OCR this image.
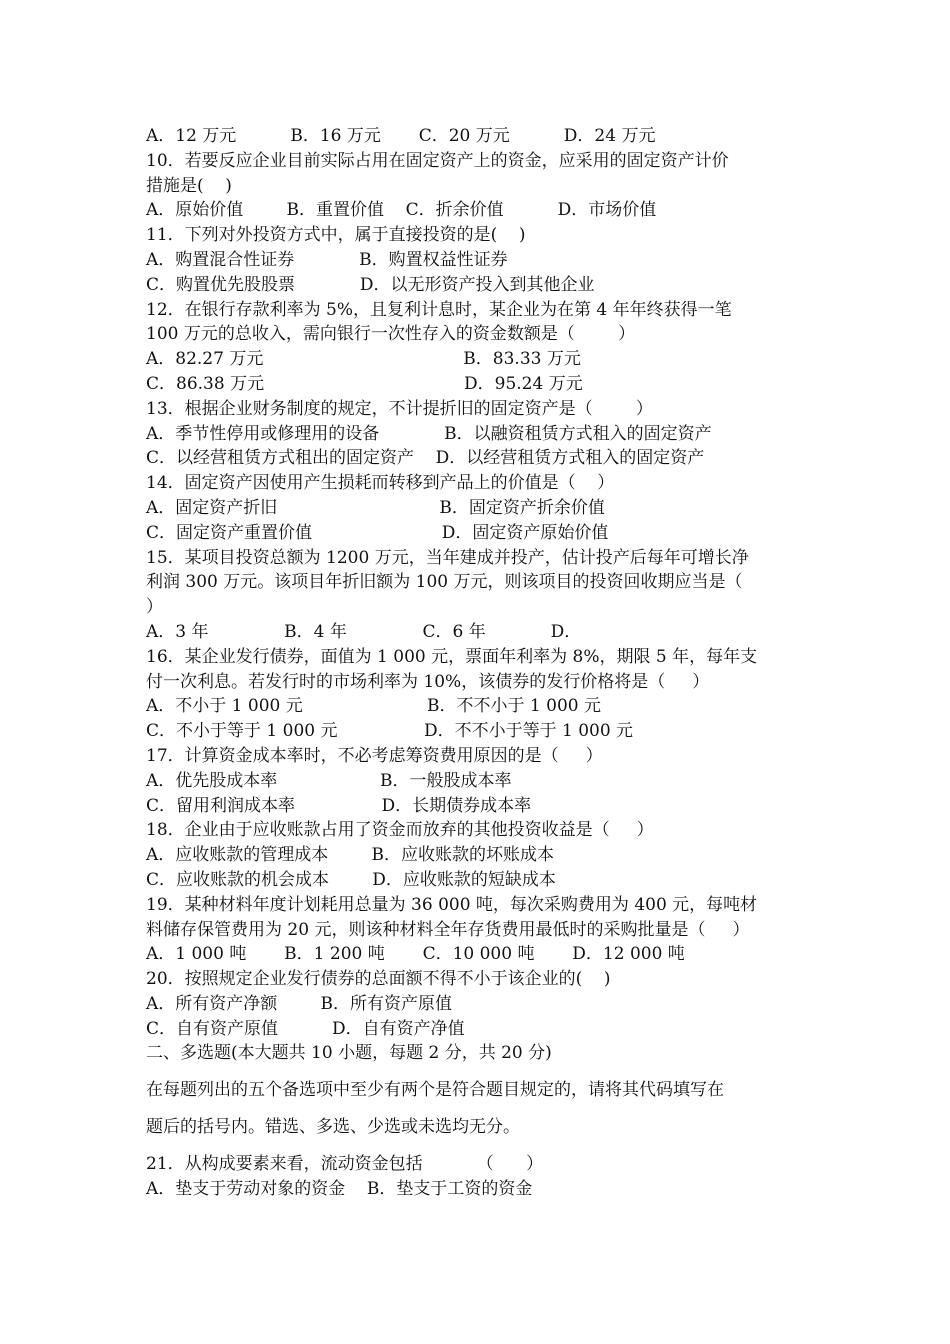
A．12 万元          B．16 万元       C．20 万元          D．24 万元
10．若要反应企业目前实际占用在固定资产上的资金，应采用的固定资产计价
措施是(    )
A．原始价值        B．重置价值    C．折余价值          D．市场价值
11．下列对外投资方式中，属于直接投资的是(    )
A．购置混合性证券            B．购置权益性证券
C．购置优先股股票            D．以无形资产投入到其他企业
12．在银行存款利率为 5%，且复利计息时，某企业为在第 4 年年终获得一笔
100 万元的总收入，需向银行一次性存入的资金数额是（        ）
A．82.27 万元                                     B．83.33 万元
C．86.38 万元                                     D．95.24 万元
13．根据企业财务制度的规定，不计提折旧的固定资产是（        ）
A．季节性停用或修理用的设备            B．以融资租赁方式租入的固定资产
C．以经营租赁方式租出的固定资产    D．以经营租赁方式租入的固定资产
14．固定资产因使用产生损耗而转移到产品上的价值是（    ）
A．固定资产折旧                              B．固定资产折余价值
C．固定资产重置价值                        D．固定资产原始价值
15．某项目投资总额为 1200 万元，当年建成并投产，估计投产后每年可增长净
利润 300 万元。该项目年折旧额为 100 万元，则该项目的投资回收期应当是（
）
A．3 年              B．4 年              C．6 年            D．
16．某企业发行债券，面值为 1 000 元，票面年利率为 8%，期限 5 年，每年支
付一次利息。若发行时的市场利率为 10%，该债券的发行价格将是（     ）
A．不小于 1 000 元                       B．不不小于 1 000 元
C．不小于等于 1 000 元                D．不不小于等于 1 000 元
17．计算资金成本率时，不必考虑筹资费用原因的是（     ）
A．优先股成本率                   B．一般股成本率
C．留用利润成本率                D．长期债券成本率
18．企业由于应收账款占用了资金而放弃的其他投资收益是（     ）
A．应收账款的管理成本        B．应收账款的坏账成本
C．应收账款的机会成本        D．应收账款的短缺成本
19．某种材料年度计划耗用总量为 36 000 吨，每次采购费用为 400 元，每吨材
料储存保管费用为 20 元，则该种材料全年存货费用最低时的采购批量是（     ）
A．1 000 吨       B．1 200 吨       C．10 000 吨       D．12 000 吨
20．按照规定企业发行债券的总面额不得不小于该企业的(    )
A．所有资产净额        B．所有资产原值
C．自有资产原值          D．自有资产净值
二、多选题(本大题共 10 小题，每题 2 分，共 20 分)
在每题列出的五个备选项中至少有两个是符合题目规定的，请将其代码填写在
题后的括号内。错选、多选、少选或未选均无分。
21．从构成要素来看，流动资金包括          （      ）
A．垫支于劳动对象的资金    B．垫支于工资的资金
